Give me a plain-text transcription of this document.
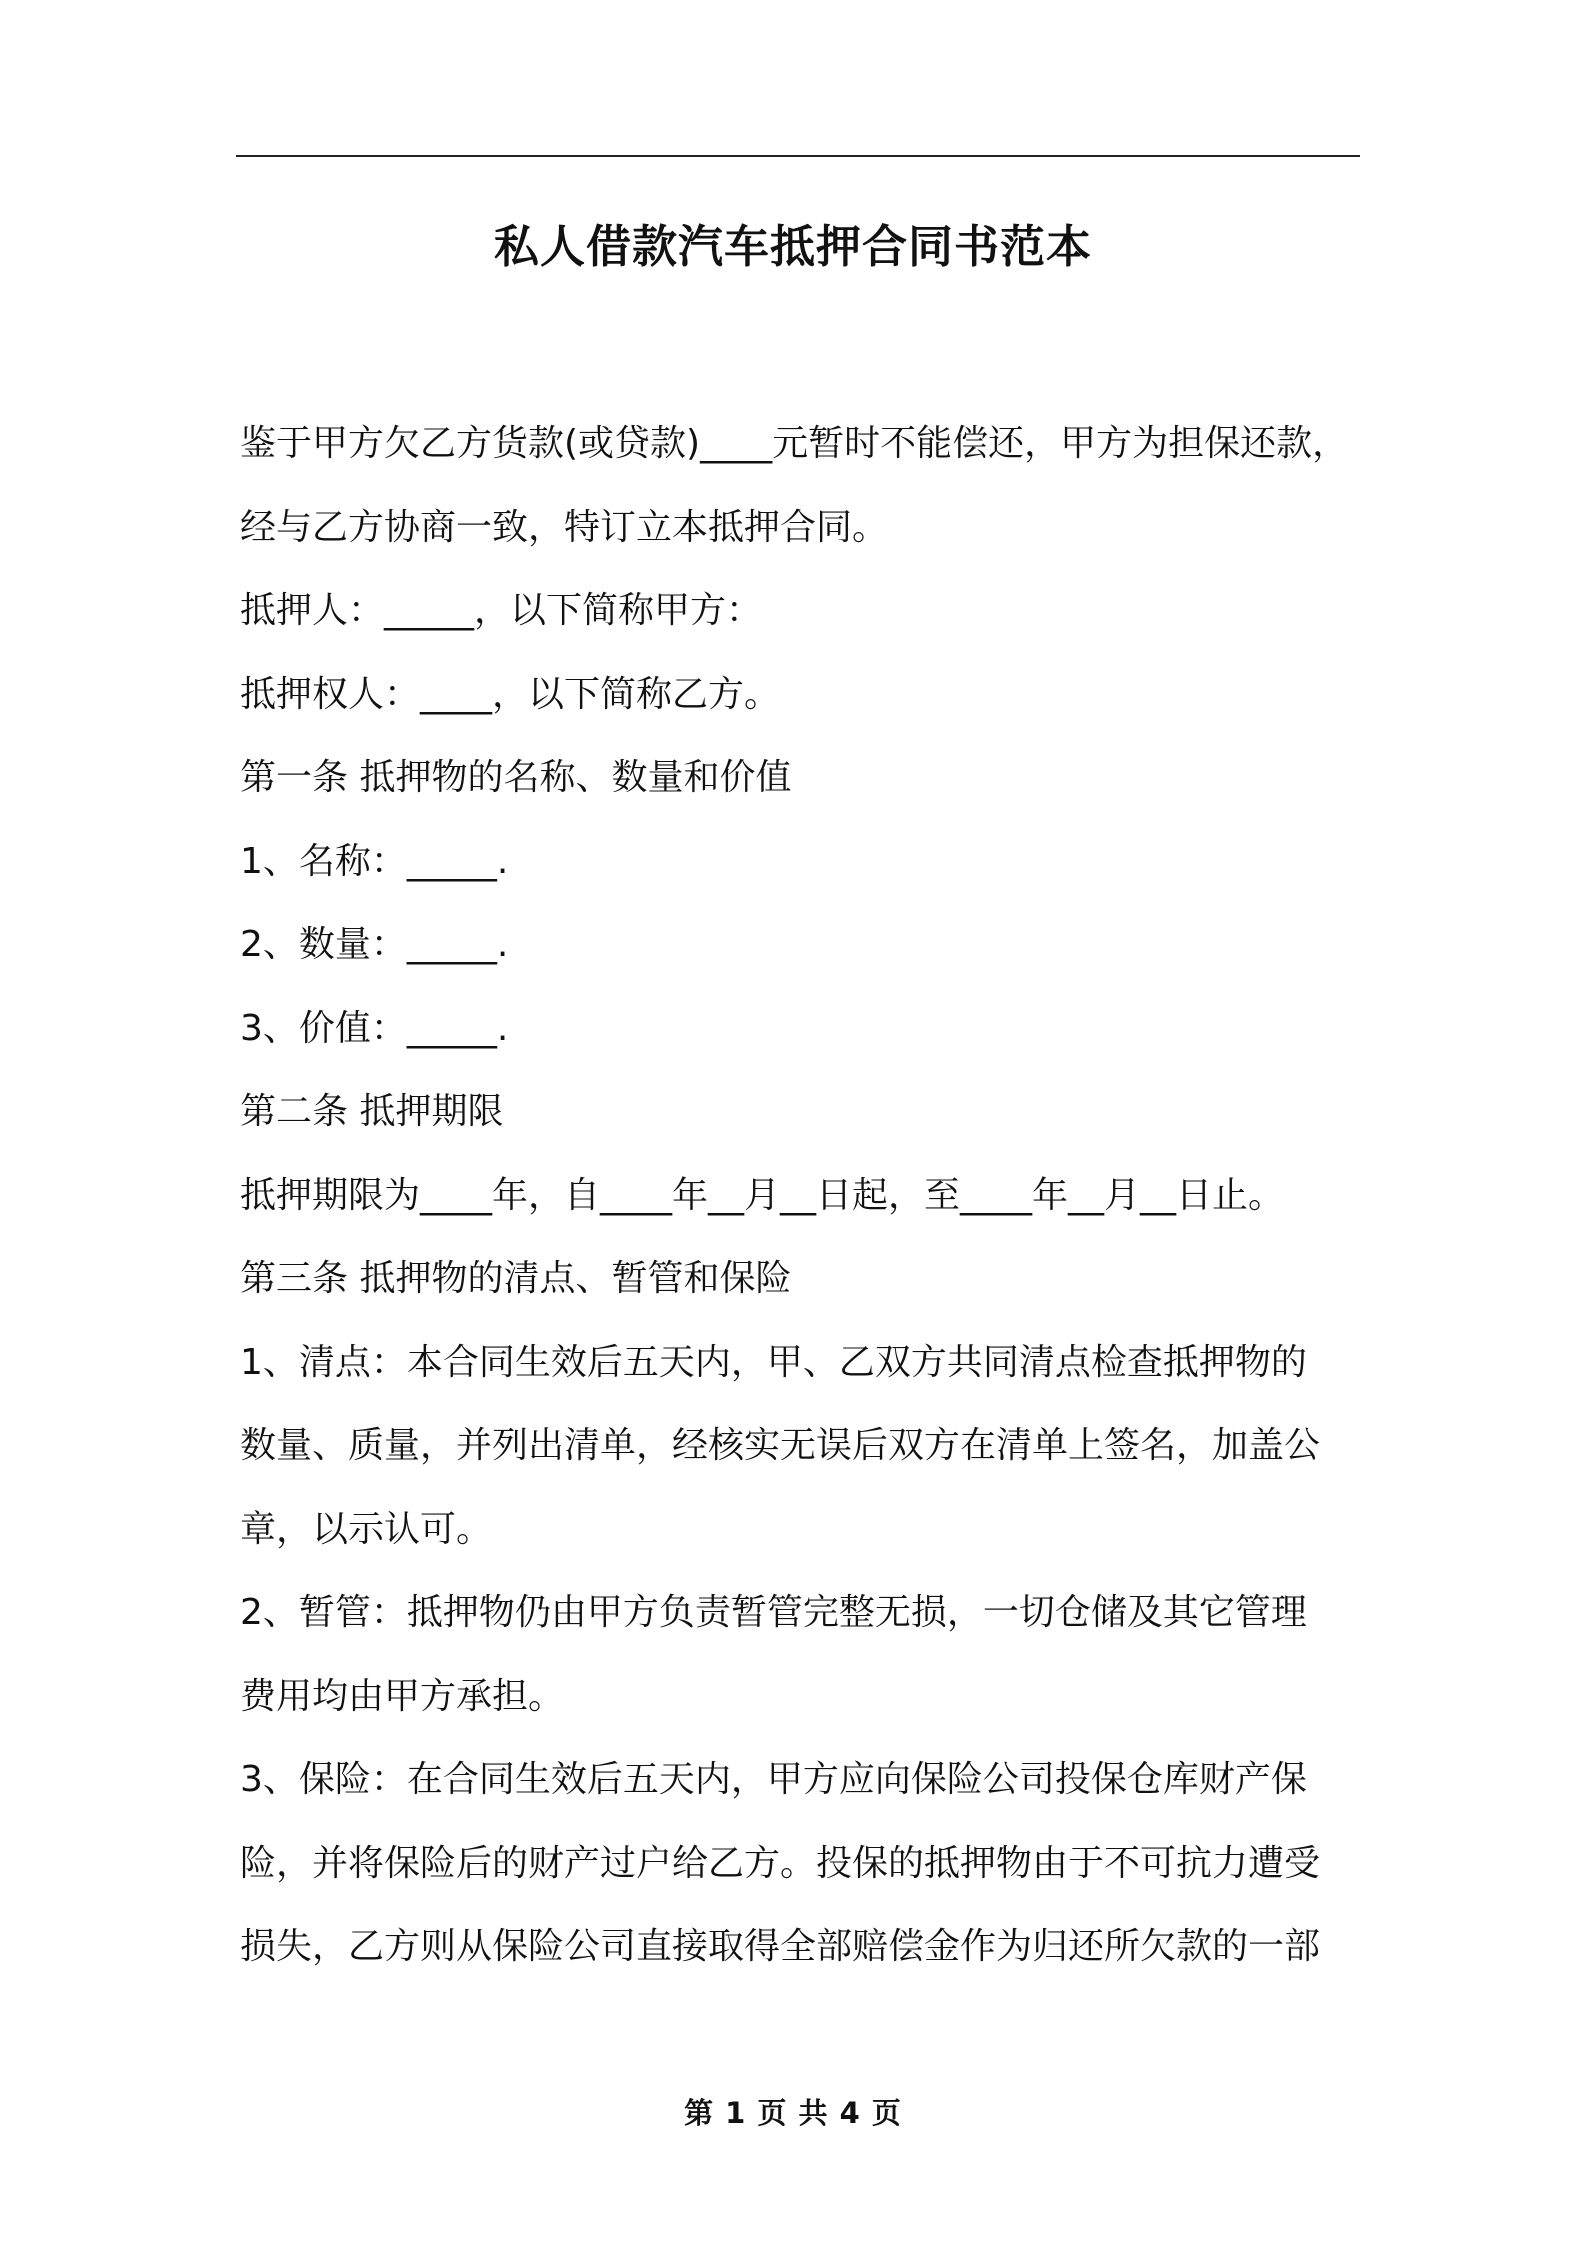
私人借款汽车抵押合同书范本
鉴于甲方欠乙方货款(或贷款)____元暂时不能偿还，甲方为担保还款，
经与乙方协商一致，特订立本抵押合同。
抵押人：_____，以下简称甲方：
抵押权人：____，以下简称乙方。
第一条 抵押物的名称、数量和价值
1、名称：_____.
2、数量：_____.
3、价值：_____.
第二条 抵押期限
抵押期限为____年，自____年__月__日起，至____年__月__日止。
第三条 抵押物的清点、暂管和保险
1、清点：本合同生效后五天内，甲、乙双方共同清点检查抵押物的
数量、质量，并列出清单，经核实无误后双方在清单上签名，加盖公
章，以示认可。
2、暂管：抵押物仍由甲方负责暂管完整无损，一切仓储及其它管理
费用均由甲方承担。
3、保险：在合同生效后五天内，甲方应向保险公司投保仓库财产保
险，并将保险后的财产过户给乙方。投保的抵押物由于不可抗力遭受
损失，乙方则从保险公司直接取得全部赔偿金作为归还所欠款的一部
第 1 页 共 4 页
